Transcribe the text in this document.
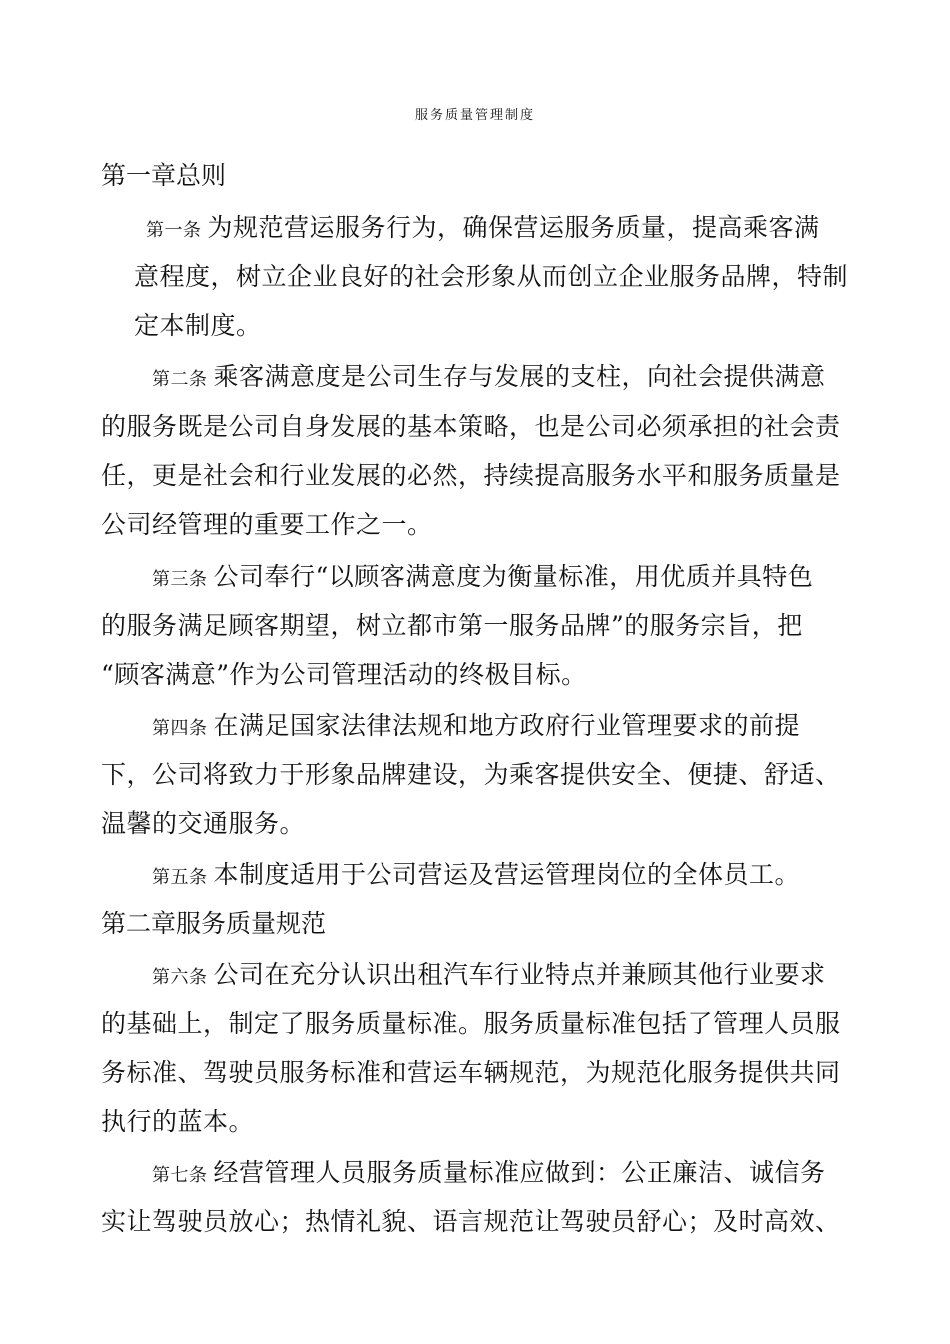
服务质量管理制度
第一章总则
第一条 为规范营运服务行为，确保营运服务质量，提高乘客满
意程度，树立企业良好的社会形象从而创立企业服务品牌，特制
定本制度。
第二条 乘客满意度是公司生存与发展的支柱，向社会提供满意
的服务既是公司自身发展的基本策略，也是公司必须承担的社会责
任，更是社会和行业发展的必然，持续提高服务水平和服务质量是
公司经管理的重要工作之一。
第三条 公司奉行“以顾客满意度为衡量标准，用优质并具特色
的服务满足顾客期望，树立都市第一服务品牌”的服务宗旨，把
“顾客满意”作为公司管理活动的终极目标。
第四条 在满足国家法律法规和地方政府行业管理要求的前提
下，公司将致力于形象品牌建设，为乘客提供安全、便捷、舒适、
温馨的交通服务。
第五条 本制度适用于公司营运及营运管理岗位的全体员工。
第二章服务质量规范
第六条 公司在充分认识出租汽车行业特点并兼顾其他行业要求
的基础上，制定了服务质量标准。服务质量标准包括了管理人员服
务标准、驾驶员服务标准和营运车辆规范，为规范化服务提供共同
执行的蓝本。
第七条 经营管理人员服务质量标准应做到：公正廉洁、诚信务
实让驾驶员放心；热情礼貌、语言规范让驾驶员舒心；及时高效、
